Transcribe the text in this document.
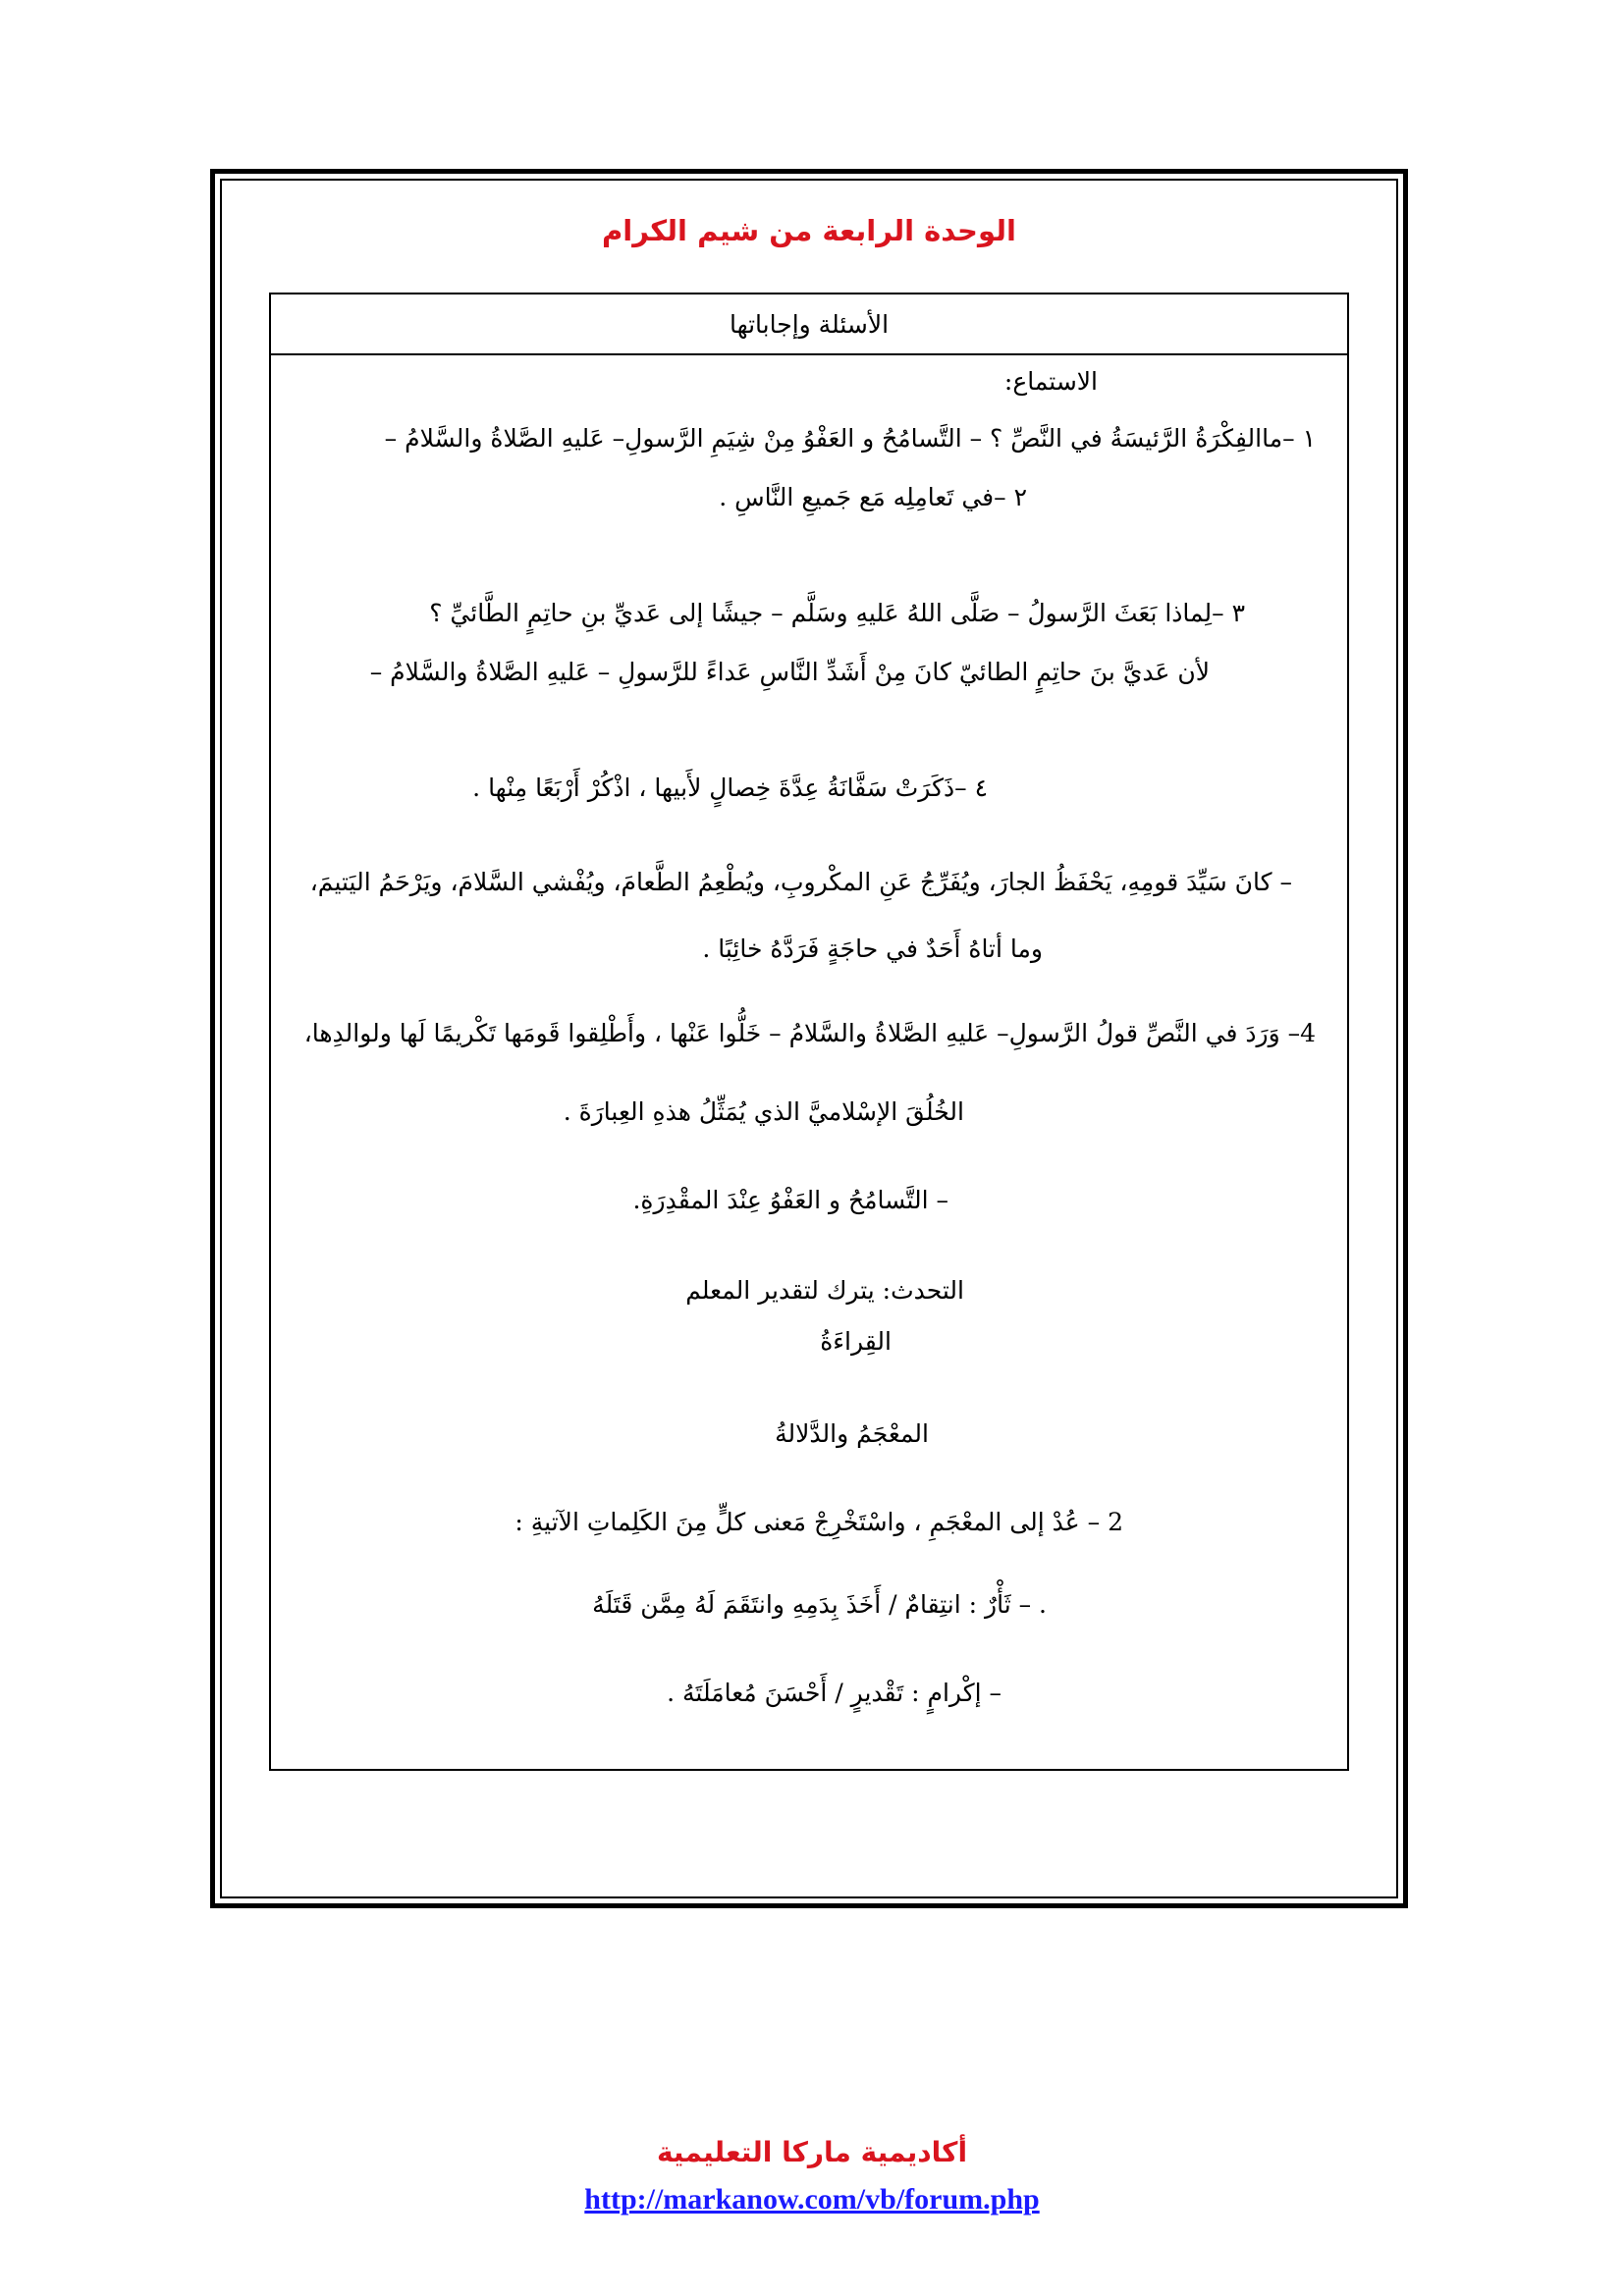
الوحدة الرابعة من شيم الكرام
الأسئلة وإجاباتها
الاستماع:
١ –ماالفِكْرَةُ الرَّئيسَةُ في النَّصِّ ؟ – التَّسامُحُ و العَفْوُ مِنْ شِيَمِ الرَّسولِ– عَليهِ الصَّلاةُ والسَّلامُ –
٢ –في تَعامِلِه مَع جَميعِ النَّاسِ .
٣ –لِماذا بَعَثَ الرَّسولُ – صَلَّى اللهُ عَليهِ وسَلَّم – جيشًا إلى عَديِّ بنِ حاتِمٍ الطَّائيِّ ؟
لأن عَديَّ بنَ حاتِمٍ الطائيّ كانَ مِنْ أَشَدِّ النَّاسِ عَداءً للرَّسولِ – عَليهِ الصَّلاةُ والسَّلامُ –
٤ –ذَكَرَتْ سَفَّانَةُ عِدَّةَ خِصالٍ لأَبيها ، اذْكُرْ أَرْبَعًا مِنْها .
– كانَ سَيِّدَ قومِهِ، يَحْفَظُ الجارَ، ويُفَرِّجُ عَنِ المكْروبِ، ويُطْعِمُ الطَّعامَ، ويُفْشي السَّلامَ، ويَرْحَمُ اليَتيمَ،
وما أتاهُ أَحَدٌ في حاجَةٍ فَرَدَّهُ خائِبًا .
4– وَرَدَ في النَّصِّ قولُ الرَّسولِ– عَليهِ الصَّلاةُ والسَّلامُ – خَلُّوا عَنْها ، وأَطْلِقوا قَومَها تَكْريمًا لَها ولوالدِها،
الخُلُقَ الإسْلاميَّ الذي يُمَثِّلُ هذهِ العِبارَةَ .
– التَّسامُحُ و العَفْوُ عِنْدَ المقْدِرَةِ.
التحدث: يترك لتقدير المعلم
القِراءَةُ
المعْجَمُ والدَّلالةُ
2 – عُدْ إلى المعْجَمِ ، واسْتَخْرِجْ مَعنى كلٍّ مِنَ الكَلِماتِ الآتيةِ :
. – ثَأْرٌ : انتِقامٌ / أَخَذَ بِدَمِهِ وانتَقَمَ لَهُ مِمَّن قَتَلَهُ
– إكْرامٍ : تَقْديرٍ / أَحْسَنَ مُعامَلَتَهُ .
أكاديمية ماركا التعليمية
http://markanow.com/vb/forum.php
